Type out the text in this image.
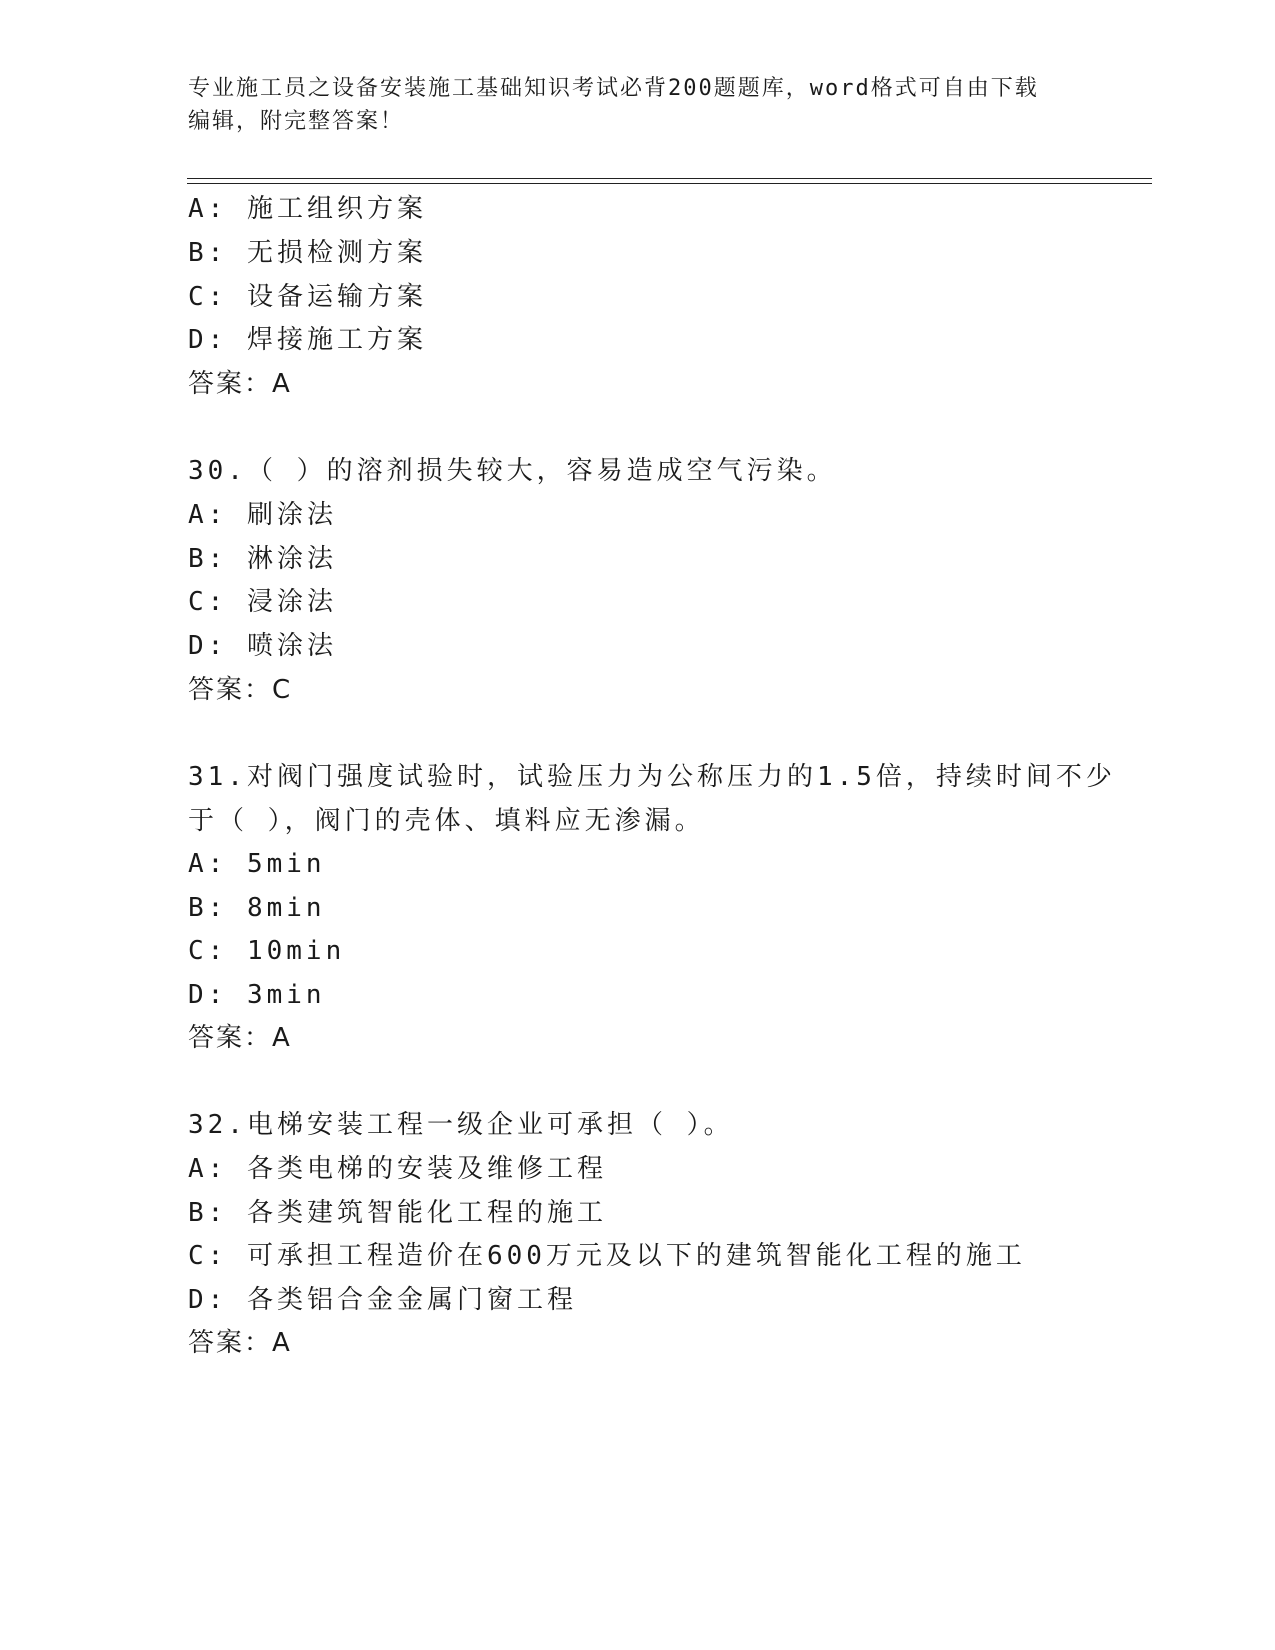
专业施工员之设备安装施工基础知识考试必背200题题库，word格式可自由下载
编辑，附完整答案！
A: 施工组织方案
B: 无损检测方案
C: 设备运输方案
D: 焊接施工方案
答案：A
30.（ ）的溶剂损失较大，容易造成空气污染。
A: 刷涂法
B: 淋涂法
C: 浸涂法
D: 喷涂法
答案：C
31.对阀门强度试验时，试验压力为公称压力的1.5倍，持续时间不少
于（ ），阀门的壳体、填料应无渗漏。
A: 5min
B: 8min
C: 10min
D: 3min
答案：A
32.电梯安装工程一级企业可承担（ ）。
A: 各类电梯的安装及维修工程
B: 各类建筑智能化工程的施工
C: 可承担工程造价在600万元及以下的建筑智能化工程的施工
D: 各类铝合金金属门窗工程
答案：A
